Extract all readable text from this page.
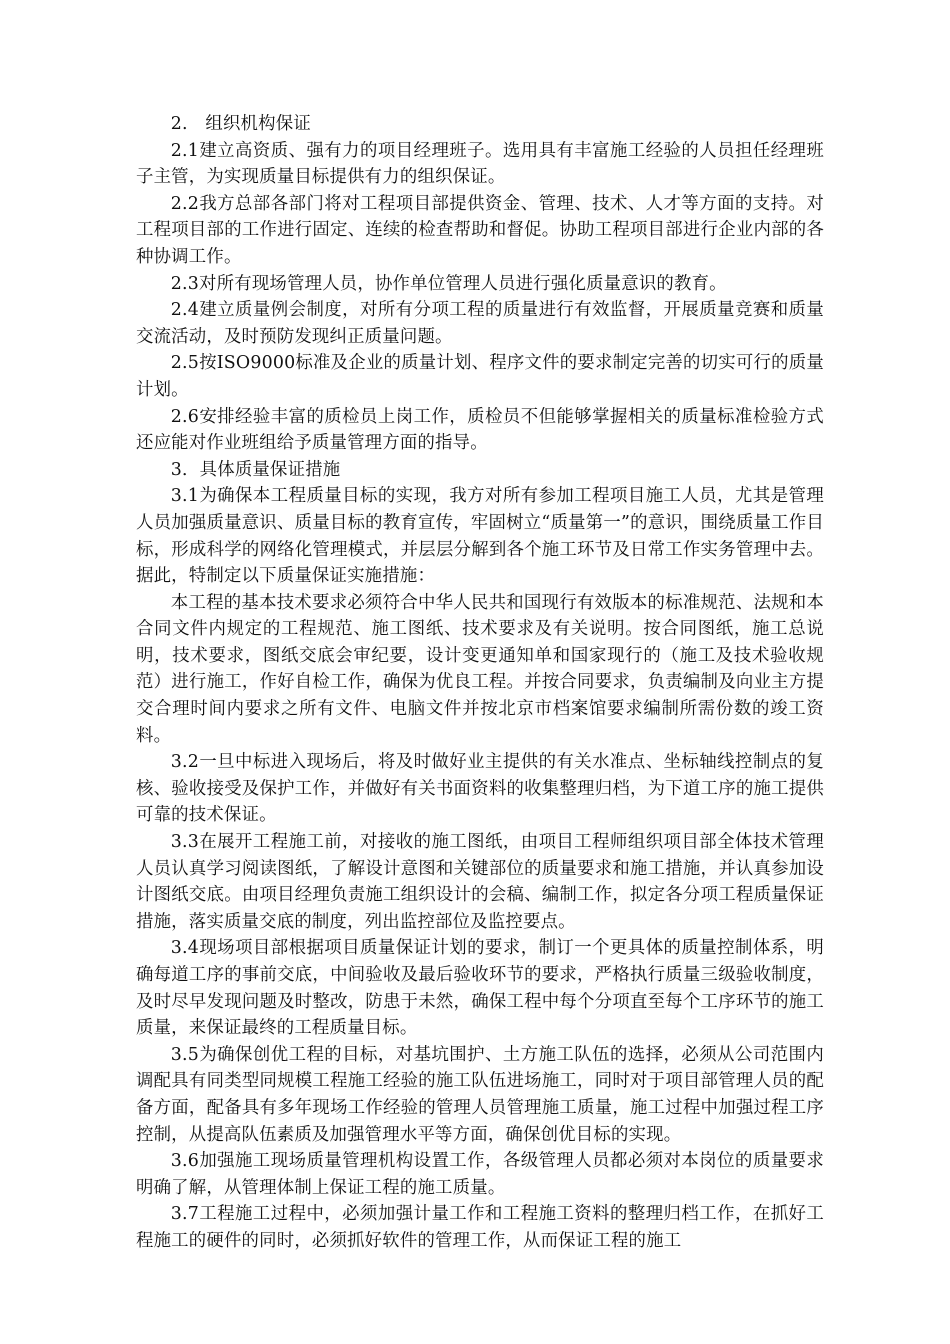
2.　组织机构保证

2.1建立高资质、强有力的项目经理班子。选用具有丰富施工经验的人员担任经理班子主管，为实现质量目标提供有力的组织保证。

2.2我方总部各部门将对工程项目部提供资金、管理、技术、人才等方面的支持。对工程项目部的工作进行固定、连续的检查帮助和督促。协助工程项目部进行企业内部的各种协调工作。

2.3对所有现场管理人员，协作单位管理人员进行强化质量意识的教育。

2.4建立质量例会制度，对所有分项工程的质量进行有效监督，开展质量竞赛和质量交流活动，及时预防发现纠正质量问题。

2.5按ISO9000标准及企业的质量计划、程序文件的要求制定完善的切实可行的质量计划。

2.6安排经验丰富的质检员上岗工作，质检员不但能够掌握相关的质量标准检验方式还应能对作业班组给予质量管理方面的指导。

3．具体质量保证措施

3.1为确保本工程质量目标的实现，我方对所有参加工程项目施工人员，尤其是管理人员加强质量意识、质量目标的教育宣传，牢固树立“质量第一”的意识，围绕质量工作目标，形成科学的网络化管理模式，并层层分解到各个施工环节及日常工作实务管理中去。据此，特制定以下质量保证实施措施：

本工程的基本技术要求必须符合中华人民共和国现行有效版本的标准规范、法规和本合同文件内规定的工程规范、施工图纸、技术要求及有关说明。按合同图纸，施工总说明，技术要求，图纸交底会审纪要，设计变更通知单和国家现行的（施工及技术验收规范）进行施工，作好自检工作，确保为优良工程。并按合同要求，负责编制及向业主方提交合理时间内要求之所有文件、电脑文件并按北京市档案馆要求编制所需份数的竣工资料。

3.2一旦中标进入现场后，将及时做好业主提供的有关水准点、坐标轴线控制点的复核、验收接受及保护工作，并做好有关书面资料的收集整理归档，为下道工序的施工提供可靠的技术保证。

3.3在展开工程施工前，对接收的施工图纸，由项目工程师组织项目部全体技术管理人员认真学习阅读图纸，了解设计意图和关键部位的质量要求和施工措施，并认真参加设计图纸交底。由项目经理负责施工组织设计的会稿、编制工作，拟定各分项工程质量保证措施，落实质量交底的制度，列出监控部位及监控要点。

3.4现场项目部根据项目质量保证计划的要求，制订一个更具体的质量控制体系，明确每道工序的事前交底，中间验收及最后验收环节的要求，严格执行质量三级验收制度，及时尽早发现问题及时整改，防患于未然，确保工程中每个分项直至每个工序环节的施工质量，来保证最终的工程质量目标。

3.5为确保创优工程的目标，对基坑围护、土方施工队伍的选择，必须从公司范围内调配具有同类型同规模工程施工经验的施工队伍进场施工，同时对于项目部管理人员的配备方面，配备具有多年现场工作经验的管理人员管理施工质量，施工过程中加强过程工序控制，从提高队伍素质及加强管理水平等方面，确保创优目标的实现。

3.6加强施工现场质量管理机构设置工作，各级管理人员都必须对本岗位的质量要求明确了解，从管理体制上保证工程的施工质量。

3.7工程施工过程中，必须加强计量工作和工程施工资料的整理归档工作，在抓好工程施工的硬件的同时，必须抓好软件的管理工作，从而保证工程的施工
